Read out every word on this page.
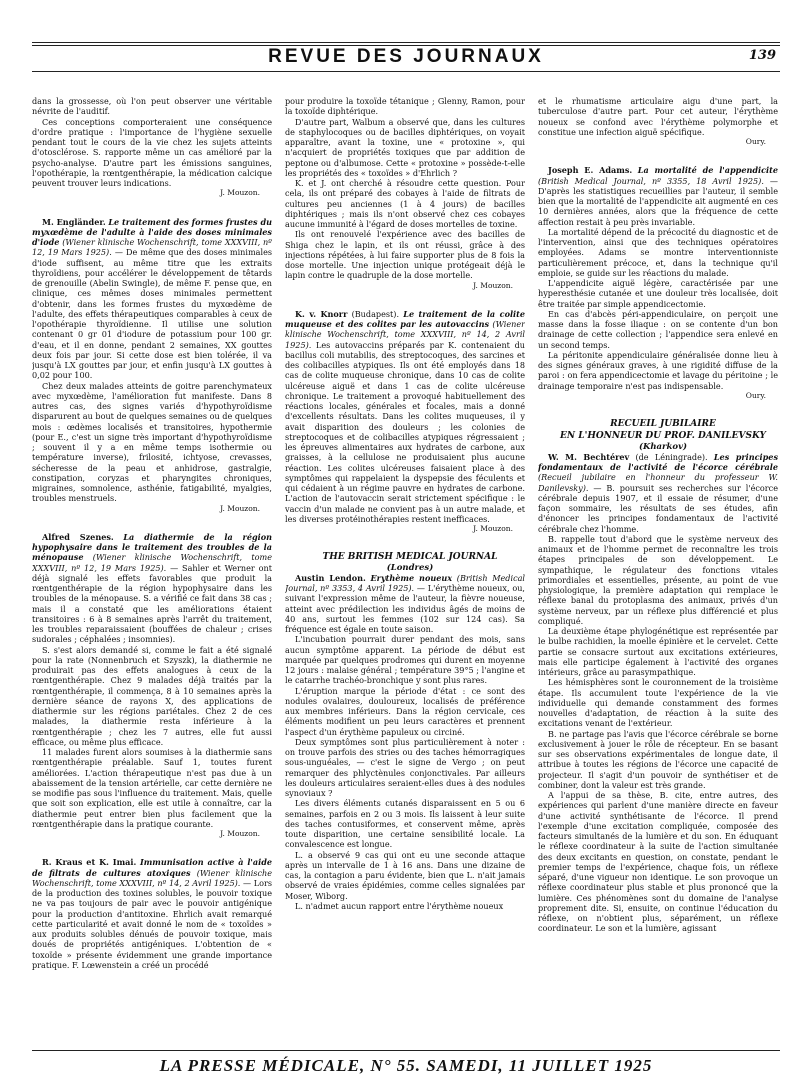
REVUE DES JOURNAUX	139

dans la grossesse, où l'on peut observer une véritable névrite de l'auditif.

Ces conceptions comporteraient une conséquence d'ordre pratique : l'importance de l'hygiène sexuelle pendant tout le cours de la vie chez les sujets atteints d'otosclérose. S. rapporte même un cas amélioré par la psycho-analyse. D'autre part les émissions sanguines, l'opothérapie, la rœntgenthérapie, la médication calcique peuvent trouver leurs indications.

J. Mouzon.

M. Engländer. Le traitement des formes frustes du myxœdème de l'adulte à l'aide des doses minimales d'iode (Wiener klinische Wochenschrift, tome XXXVIII, nº 12, 19 Mars 1925). — De même que des doses minimales d'iode suffisent, au même titre que les extraits thyroïdiens, pour accélérer le développement de têtards de grenouille (Abelin Swingle), de même F. pense que, en clinique, ces mêmes doses minimales permettent d'obtenir, dans les formes frustes du myxœdème de l'adulte, des effets thérapeutiques comparables à ceux de l'opothérapie thyroïdienne. Il utilise une solution contenant 0 gr 01 d'iodure de potassium pour 100 gr. d'eau, et il en donne, pendant 2 semaines, XX gouttes deux fois par jour. Si cette dose est bien tolérée, il va jusqu'à LX gouttes par jour, et enfin jusqu'à LX gouttes à 0,02 pour 100.

Chez deux malades atteints de goitre parenchymateux avec myxœdème, l'amélioration fut manifeste. Dans 8 autres cas, des signes variés d'hypothyroïdisme disparurent au bout de quelques semaines ou de quelques mois : œdèmes localisés et transitoires, hypothermie (pour E., c'est un signe très important d'hypothyroïdisme ; souvent il y a en même temps isothermie ou température inverse), frilosité, ichtyose, crevasses, sécheresse de la peau et anhidrose, gastralgie, constipation, coryzas et pharyngites chroniques, migraines, somnolence, asthénie, fatigabilité, myalgies, troubles menstruels.

J. Mouzon.

Alfred Szenes. La diathermie de la région hypophysaire dans le traitement des troubles de la ménopause (Wiener klinische Wochenschrift, tome XXXVIII, nº 12, 19 Mars 1925). — Sahler et Werner ont déjà signalé les effets favorables que produit la rœntgenthérapie de la région hypophysaire dans les troubles de la ménopause. S. a vérifié ce fait dans 38 cas ; mais il a constaté que les améliorations étaient transitoires : 6 à 8 semaines après l'arrêt du traitement, les troubles reparaissaient (bouffées de chaleur ; crises sudorales ; céphalées ; insomnies).

S. s'est alors demandé si, comme le fait a été signalé pour la rate (Nonnenbruch et Szyszk), la diathermie ne produirait pas des effets analogues à ceux de la rœntgenthérapie. Chez 9 malades déjà traités par la rœntgenthérapie, il commença, 8 à 10 semaines après la dernière séance de rayons X, des applications de diathermie sur les régions pariétales. Chez 2 de ces malades, la diathermie resta inférieure à la rœntgenthérapie ; chez les 7 autres, elle fut aussi efficace, ou même plus efficace.

11 malades furent alors soumises à la diathermie sans rœntgenthérapie préalable. Sauf 1, toutes furent améliorées. L'action thérapeutique n'est pas due à un abaissement de la tension artérielle, car cette dernière ne se modifie pas sous l'influence du traitement. Mais, quelle que soit son explication, elle est utile à connaître, car la diathermie peut entrer bien plus facilement que la rœntgenthérapie dans la pratique courante.

J. Mouzon.

R. Kraus et K. Imai. Immunisation active à l'aide de filtrats de cultures atoxiques (Wiener klinische Wochenschrift, tome XXXVIII, nº 14, 2 Avril 1925). — Lors de la production des toxines solubles, le pouvoir toxique ne va pas toujours de pair avec le pouvoir antigénique pour la production d'antitoxine. Ehrlich avait remarqué cette particularité et avait donné le nom de « toxoïdes » aux produits solubles dénués de pouvoir toxique, mais doués de propriétés antigéniques. L'obtention de « toxoïde » présente évidemment une grande importance pratique. F. Lœwenstein a créé un procédé

pour produire la toxoïde tétanique ; Glenny, Ramon, pour la toxoïde diphtérique.

D'autre part, Walbum a observé que, dans les cultures de staphylocoques ou de bacilles diphtériques, on voyait apparaître, avant la toxine, une « protoxine », qui n'acquiert de propriétés toxiques que par addition de peptone ou d'albumose. Cette « protoxine » possède-t-elle les propriétés des « toxoïdes » d'Ehrlich ?

K. et J. ont cherché à résoudre cette question. Pour cela, ils ont préparé des cobayes à l'aide de filtrats de cultures peu anciennes (1 à 4 jours) de bacilles diphtériques ; mais ils n'ont observé chez ces cobayes aucune immunité à l'égard de doses mortelles de toxine.

Ils ont renouvelé l'expérience avec des bacilles de Shiga chez le lapin, et ils ont réussi, grâce à des injections répétées, à lui faire supporter plus de 8 fois la dose mortelle. Une injection unique protégeait déjà le lapin contre le quadruple de la dose mortelle.

J. Mouzon.

K. v. Knorr (Budapest). Le traitement de la colite muqueuse et des colites par les autovaccins (Wiener klinische Wochenschrift, tome XXXVIII, nº 14, 2 Avril 1925). Les autovaccins préparés par K. contenaient du bacillus coli mutabilis, des streptocoques, des sarcines et des colibacilles atypiques. Ils ont été employés dans 18 cas de colite muqueuse chronique, dans 10 cas de colite ulcéreuse aiguë et dans 1 cas de colite ulcéreuse chronique. Le traitement a provoqué habituellement des réactions locales, générales et focales, mais a donné d'excellents résultats. Dans les colites muqueuses, il y avait disparition des douleurs ; les colonies de streptocoques et de colibacilles atypiques régressaient ; les épreuves alimentaires aux hydrates de carbone, aux graisses, à la cellulose ne produisaient plus aucune réaction. Les colites ulcéreuses faisaient place à des symptômes qui rappelaient la dyspepsie des féculents et qui cédaient à un régime pauvre en hydrates de carbone. L'action de l'autovaccin serait strictement spécifique : le vaccin d'un malade ne convient pas à un autre malade, et les diverses protéinothérapies restent inefficaces.

J. Mouzon.

THE BRITISH MEDICAL JOURNAL

(Londres)

Austin Lendon. Erythème noueux (British Medical Journal, nº 3353, 4 Avril 1925). — L'érythème noueux, ou, suivant l'expression même de l'auteur, la fièvre noueuse, atteint avec prédilection les individus âgés de moins de 40 ans, surtout les femmes (102 sur 124 cas). Sa fréquence est égale en toute saison.

L'incubation pourrait durer pendant des mois, sans aucun symptôme apparent. La période de début est marquée par quelques prodromes qui durent en moyenne 12 jours : malaise général ; température 39°5 ; l'angine et le catarrhe trachéo-bronchique y sont plus rares.

L'éruption marque la période d'état : ce sont des nodules ovalaires, douloureux, localisés de préférence aux membres inférieurs. Dans la région cervicale, ces éléments modifient un peu leurs caractères et prennent l'aspect d'un érythème papuleux ou circiné.

Deux symptômes sont plus particulièrement à noter : on trouve parfois des stries ou des taches hémorragiques sous-unguéales, — c'est le signe de Vergo ; on peut remarquer des phlyctènules conjonctivales. Par ailleurs les douleurs articulaires seraient-elles dues à des nodules synoviaux ?

Les divers éléments cutanés disparaissent en 5 ou 6 semaines, parfois en 2 ou 3 mois. Ils laissent à leur suite des taches contusiformes, et conservent même, après toute disparition, une certaine sensibilité locale. La convalescence est longue.

L. a observé 9 cas qui ont eu une seconde attaque après un intervalle de 1 à 16 ans. Dans une dizaine de cas, la contagion a paru évidente, bien que L. n'ait jamais observé de vraies épidémies, comme celles signalées par Moser, Wiborg.

L. n'admet aucun rapport entre l'érythème noueux

et le rhumatisme articulaire aigu d'une part, la tuberculose d'autre part. Pour cet auteur, l'érythème noueux se confond avec l'érythème polymorphe et constitue une infection aiguë spécifique.

Oury.

Joseph E. Adams. La mortalité de l'appendicite (British Medical Journal, nº 3355, 18 Avril 1925). — D'après les statistiques recueillies par l'auteur, il semble bien que la mortalité de l'appendicite ait augmenté en ces 10 dernières années, alors que la fréquence de cette affection restait à peu près invariable.

La mortalité dépend de la précocité du diagnostic et de l'intervention, ainsi que des techniques opératoires employées. Adams se montre interventionniste particulièrement précoce, et, dans la technique qu'il emploie, se guide sur les réactions du malade.

L'appendicite aiguë légère, caractérisée par une hyperesthésie cutanée et une douleur très localisée, doit être traitée par simple appendicectomie.

En cas d'abcès péri-appendiculaire, on perçoit une masse dans la fosse iliaque : on se contente d'un bon drainage de cette collection ; l'appendice sera enlevé en un second temps.

La péritonite appendiculaire généralisée donne lieu à des signes généraux graves, à une rigidité diffuse de la paroi : on fera appendicectomie et lavage du péritoine ; le drainage temporaire n'est pas indispensable.

Oury.

RECUEIL JUBILAIRE

EN L'HONNEUR DU PROF. DANILEVSKY

(Kharkov)

W. M. Bechtérev (de Léningrade). Les principes fondamentaux de l'activité de l'écorce cérébrale (Recueil jubilaire en l'honneur du professeur W. Danilevsky). — B. poursuit ses recherches sur l'écorce cérébrale depuis 1907, et il essaie de résumer, d'une façon sommaire, les résultats de ses études, afin d'énoncer les principes fondamentaux de l'activité cérébrale chez l'homme.

B. rappelle tout d'abord que le système nerveux des animaux et de l'homme permet de reconnaître les trois étapes principales de son développement. Le sympathique, le régulateur des fonctions vitales primordiales et essentielles, présente, au point de vue physiologique, la première adaptation qui remplace le réflexe banal du protoplasma des animaux, privés d'un système nerveux, par un réflexe plus différencié et plus compliqué.

La deuxième étape phylogénétique est représentée par le bulbe rachidien, la moelle épinière et le cervelet. Cette partie se consacre surtout aux excitations extérieures, mais elle participe également à l'activité des organes intérieurs, grâce au parasympathique.

Les hémisphères sont le couronnement de la troisième étape. Ils accumulent toute l'expérience de la vie individuelle qui demande constamment des formes nouvelles d'adaptation, de réaction à la suite des excitations venant de l'extérieur.

B. ne partage pas l'avis que l'écorce cérébrale se borne exclusivement à jouer le rôle de récepteur. En se basant sur ses observations expérimentales de longue date, il attribue à toutes les régions de l'écorce une capacité de projecteur. Il s'agit d'un pouvoir de synthétiser et de combiner, dont la valeur est très grande.

A l'appui de sa thèse, B. cite, entre autres, des expériences qui parlent d'une manière directe en faveur d'une activité synthétisante de l'écorce. Il prend l'exemple d'une excitation compliquée, composée des facteurs simultanés de la lumière et du son. En éduquant le réflexe coordinateur à la suite de l'action simultanée des deux excitants en question, on constate, pendant le premier temps de l'expérience, chaque fois, un réflexe séparé, d'une vigueur non identique. Le son provoque un réflexe coordinateur plus stable et plus prononcé que la lumière. Ces phénomènes sont du domaine de l'analyse proprement dite. Si, ensuite, on continue l'éducation du réflexe, on n'obtient plus, séparément, un réflexe coordinateur. Le son et la lumière, agissant

LA PRESSE MÉDICALE, N° 55. SAMEDI, 11 JUILLET 1925
